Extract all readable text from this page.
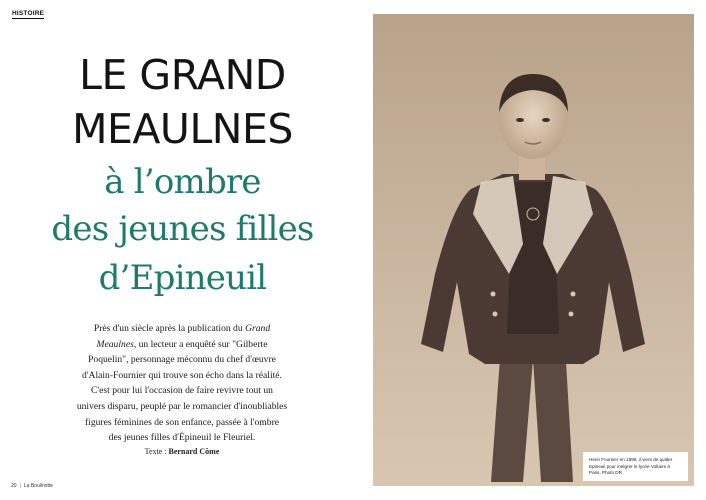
HISTOIRE
LE GRAND
MEAULNES
à l’ombre
des jeunes filles
d’Epineuil
Près d'un siècle après la publication du Grand
Meaulnes, un lecteur a enquêté sur "Gilberte
Poquelin", personnage méconnu du chef d'œuvre
d'Alain-Fournier qui trouve son écho dans la réalité.
C'est pour lui l'occasion de faire revivre tout un
univers disparu, peuplé par le romancier d'inoubliables
figures féminines de son enfance, passée à l'ombre
des jeunes filles d'Épineuil le Fleuriel.
Texte : Bernard Côme
20 | La Boulinotte
Henri Fournier en 1898, il vient de quitter Epineuil pour intégrer le lycée Voltaire à Paris. Photo DR
